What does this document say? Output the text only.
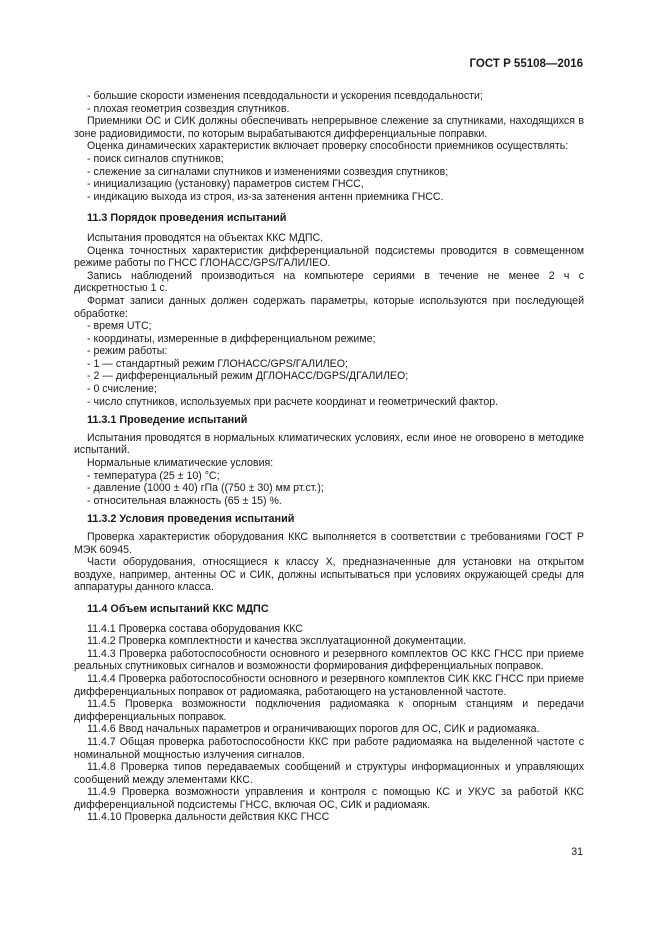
ГОСТ Р 55108—2016

- большие скорости изменения псевдодальности и ускорения псевдодальности;

- плохая геометрия созвездия спутников.

Приемники ОС и СИК должны обеспечивать непрерывное слежение за спутниками, находящихся в зоне радиовидимости, по которым вырабатываются дифференциальные поправки.

Оценка динамических характеристик включает проверку способности приемников осуществлять:

- поиск сигналов спутников;

- слежение за сигналами спутников и изменениями созвездия спутников;

- инициализацию (установку) параметров систем ГНСС,

- индикацию выхода из строя, из-за затенения антенн приемника ГНСС.

11.3 Порядок проведения испытаний

Испытания проводятся на объектах ККС МДПС.

Оценка точностных характеристик дифференциальной подсистемы проводится в совмещенном режиме работы по ГНСС ГЛОНАСС/GPS/ГАЛИЛЕО.

Запись наблюдений производиться на компьютере сериями в течение не менее 2 ч с дискретностью 1 с.

Формат записи данных должен содержать параметры, которые используются при последующей обработке:

- время UTC;

- координаты, измеренные в дифференциальном режиме;

- режим работы:

- 1 — стандартный режим ГЛОНАСС/GPS/ГАЛИЛЕО;

- 2 — дифференциальный режим ДГЛОНАСС/DGPS/ДГАЛИЛЕО;

- 0 счисление;

- число спутников, используемых при расчете координат и геометрический фактор.

11.3.1 Проведение испытаний

Испытания проводятся в нормальных климатических условиях, если иное не оговорено в методике испытаний.

Нормальные климатические условия:

- температура (25 ± 10) °С;

- давление (1000 ± 40) гПа ((750 ± 30) мм рт.ст.);

- относительная влажность (65 ± 15) %.

11.3.2 Условия проведения испытаний

Проверка характеристик оборудования ККС выполняется в соответствии с требованиями ГОСТ Р МЭК 60945.

Части оборудования, относящиеся к классу X, предназначенные для установки на открытом воздухе, например, антенны ОС и СИК, должны испытываться при условиях окружающей среды для аппаратуры данного класса.

11.4 Объем испытаний ККС МДПС

11.4.1 Проверка состава оборудования ККС

11.4.2 Проверка комплектности и качества эксплуатационной документации.

11.4.3 Проверка работоспособности основного и резервного комплектов ОС ККС ГНСС при приеме реальных спутниковых сигналов и возможности формирования дифференциальных поправок.

11.4.4 Проверка работоспособности основного и резервного комплектов СИК ККС ГНСС при приеме дифференциальных поправок от радиомаяка, работающего на установленной частоте.

11.4.5 Проверка возможности подключения радиомаяка к опорным станциям и передачи дифференциальных поправок.

11.4.6 Ввод начальных параметров и ограничивающих порогов для ОС, СИК и радиомаяка.

11.4.7 Общая проверка работоспособности ККС при работе радиомаяка на выделенной частоте с номинальной мощностью излучения сигналов.

11.4.8 Проверка типов передаваемых сообщений и структуры информационных и управляющих сообщений между элементами ККС.

11.4.9 Проверка возможности управления и контроля с помощью КС и УКУС за работой ККС дифференциальной подсистемы ГНСС, включая ОС, СИК и радиомаяк.

11.4.10 Проверка дальности действия ККС ГНСС

31
